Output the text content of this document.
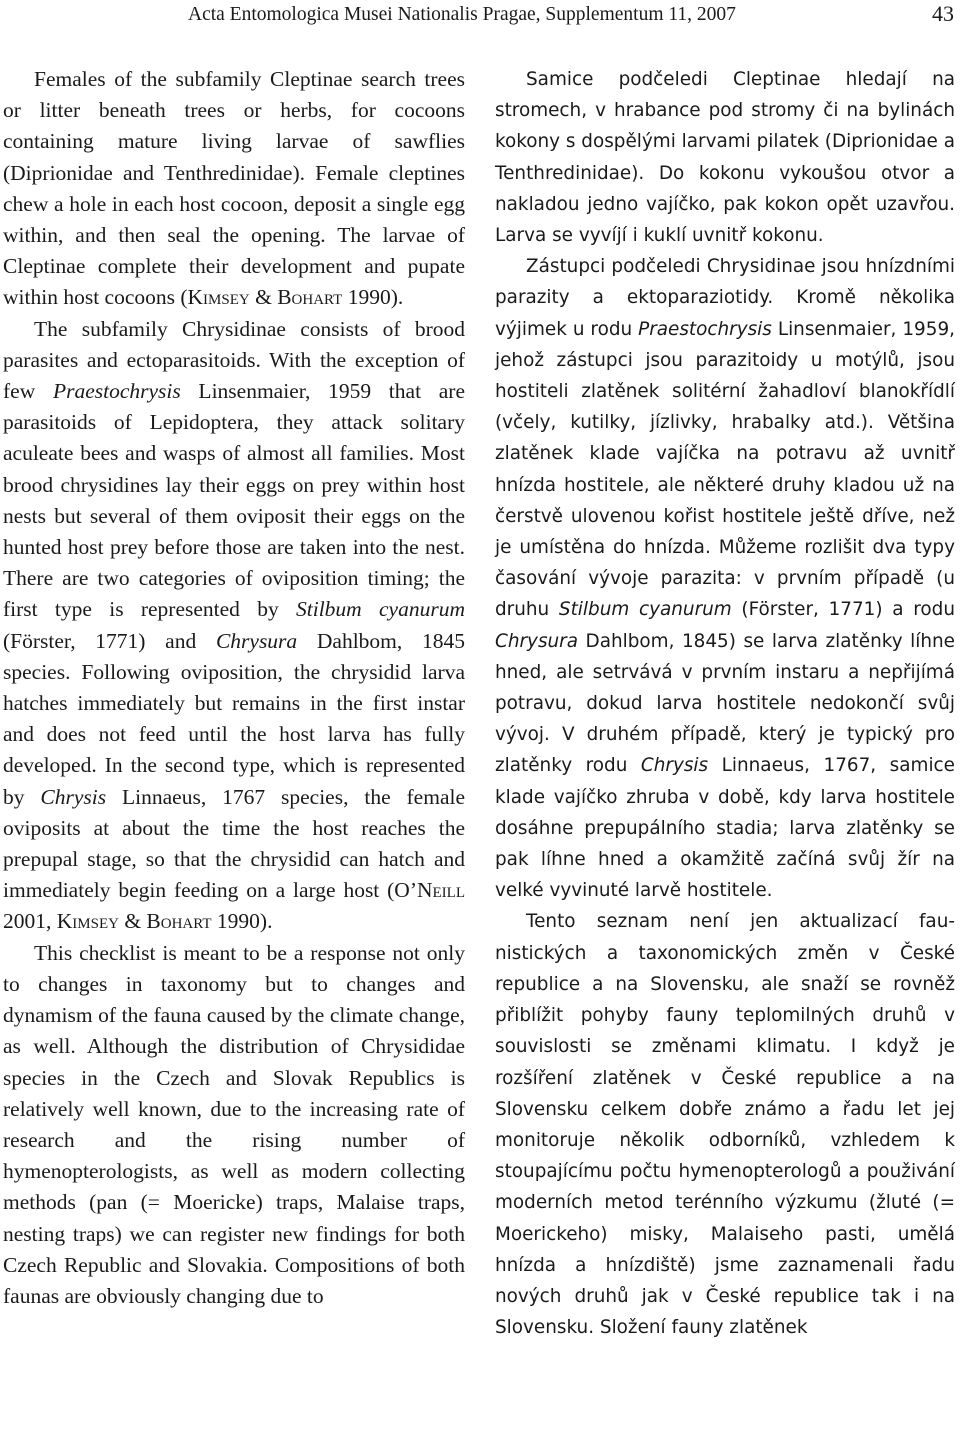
Acta Entomologica Musei Nationalis Pragae, Supplementum 11, 2007	43

Females of the subfamily Cleptinae search trees or litter beneath trees or herbs, for cocoons containing mature living larvae of sawflies (Diprionidae and Tenthredinidae). Female cleptines chew a hole in each host cocoon, deposit a single egg within, and then seal the opening. The larvae of Cleptinae complete their development and pupate within host cocoons (Kimsey & Bohart 1990).

The subfamily Chrysidinae consists of brood parasites and ectoparasitoids. With the exception of few Praestochrysis Linsenmaier, 1959 that are parasitoids of Lepidoptera, they attack solitary aculeate bees and wasps of almost all families. Most brood chrysidines lay their eggs on prey within host nests but several of them oviposit their eggs on the hunted host prey before those are taken into the nest. There are two categories of oviposition timing; the first type is represented by Stilbum cyanurum (Förster, 1771) and Chrysura Dahlbom, 1845 species. Following oviposition, the chrysidid larva hatches immediately but remains in the first instar and does not feed until the host larva has fully developed. In the second type, which is represented by Chrysis Linnaeus, 1767 species, the female oviposits at about the time the host reaches the prepupal stage, so that the chrysidid can hatch and immediately begin feeding on a large host (O’Neill 2001, Kimsey & Bohart 1990).

This checklist is meant to be a response not only to changes in taxonomy but to changes and dynamism of the fauna caused by the climate change, as well. Although the distribution of Chrysididae species in the Czech and Slovak Republics is relatively well known, due to the increasing rate of research and the rising number of hymenopterologists, as well as modern collecting methods (pan (= Moericke) traps, Malaise traps, nesting traps) we can register new findings for both Czech Republic and Slovakia. Compositions of both faunas are obviously changing due to

Samice podčeledi Cleptinae hledají na stromech, v hrabance pod stromy či na bylinách kokony s dospělými larvami pilatek (Diprionidae a Tenthredinidae). Do kokonu vykoušou otvor a nakladou jedno vajíčko, pak kokon opět uzavřou. Larva se vyvíjí i kuklí uvnitř kokonu.

Zástupci podčeledi Chrysidinae jsou hnízdními parazity a ektoparaziotidy. Kromě několika výjimek u rodu Praestochrysis Linsenmaier, 1959, jehož zástupci jsou parazitoidy u motýlů, jsou hostiteli zlatěnek solitérní žahadloví blanokřídlí (včely, kutilky, jízlivky, hrabalky atd.). Většina zlatěnek klade vajíčka na potravu až uvnitř hnízda hostitele, ale některé druhy kladou už na čerstvě ulovenou kořist hostitele ještě dříve, než je umístěna do hnízda. Můžeme rozlišit dva typy časování vývoje parazita: v prvním případě (u druhu Stilbum cyanurum (Förster, 1771) a rodu Chrysura Dahlbom, 1845) se larva zlatěnky líhne hned, ale setrvává v prvním instaru a nepřijímá potravu, dokud larva hostitele nedokončí svůj vývoj. V druhém případě, který je typický pro zlatěnky rodu Chrysis Linnaeus, 1767, samice klade vajíčko zhruba v době, kdy larva hostitele dosáhne prepupálního stadia; larva zlatěnky se pak líhne hned a okamžitě začíná svůj žír na velké vyvinuté larvě hostitele.

Tento seznam není jen aktualizací faunistických a taxonomických změn v České republice a na Slovensku, ale snaží se rovněž přiblížit pohyby fauny teplomilných druhů v souvislosti se změnami klimatu. I když je rozšíření zlatěnek v České republice a na Slovensku celkem dobře známo a řadu let jej monitoruje několik odborníků, vzhledem k stoupajícímu počtu hymenopterologů a použivání moderních metod terénního výzkumu (žluté (= Moerickeho) misky, Malaiseho pasti, umělá hnízda a hnízdiště) jsme zaznamenali řadu nových druhů jak v České republice tak i na Slovensku. Složení fauny zlatěnek
